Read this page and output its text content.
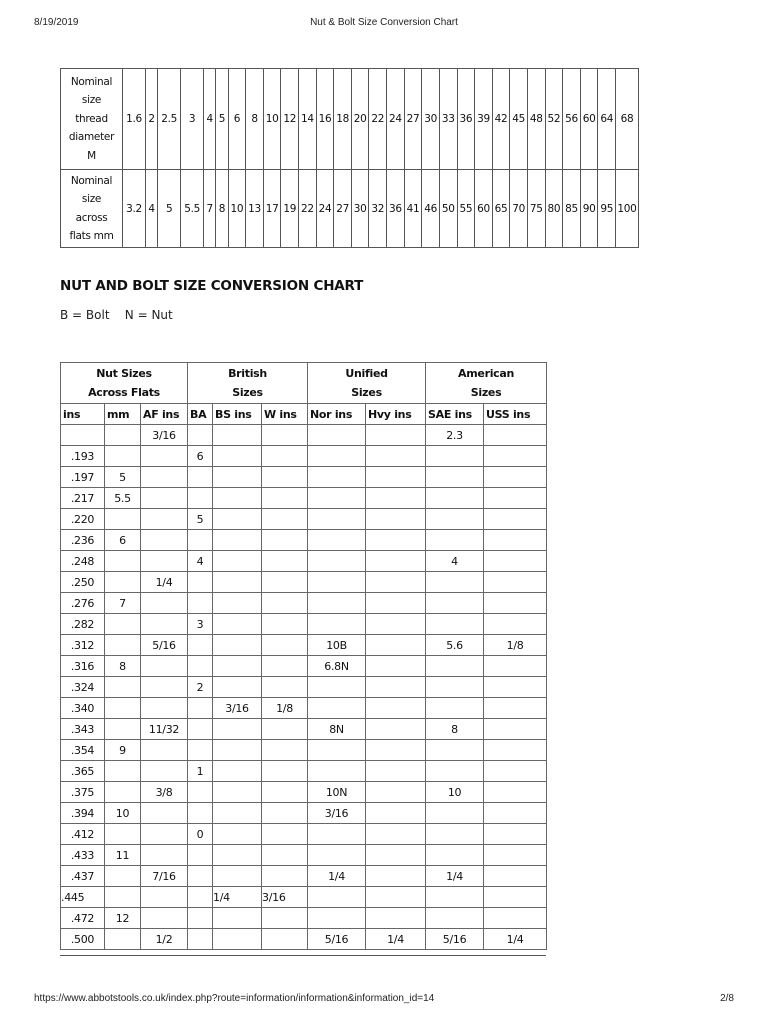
8/19/2019	Nut & Bolt Size Conversion Chart
Nominal
size
thread
diameter
M	1.6	2	2.5	3	4	5	6	8	10	12	14	16	18	20	22	24	27	30	33	36	39	42	45	48	52	56	60	64	68
Nominal
size
across
flats mm	3.2	4	5	5.5	7	8	10	13	17	19	22	24	27	30	32	36	41	46	50	55	60	65	70	75	80	85	90	95	100
NUT AND BOLT SIZE CONVERSION CHART
B = Bolt    N = Nut
Nut Sizes
Across Flats			British
Sizes			Unified
Sizes		American
Sizes	
ins	mm	AF ins	BA	BS ins	W ins	Nor ins	Hvy ins	SAE ins	USS ins
		3/16						2.3	
.193			6						
.197	5								
.217	5.5								
.220			5						
.236	6								
.248			4					4	
.250		1/4							
.276	7								
.282			3						
.312		5/16				10B		5.6	1/8
.316	8					6.8N			
.324			2						
.340				3/16	1/8				
.343		11/32				8N		8	
.354	9								
.365			1						
.375		3/8				10N		10	
.394	10					3/16			
.412			0						
.433	11								
.437		7/16				1/4		1/4	
.445				1/4	3/16				
.472	12								
.500		1/2				5/16	1/4	5/16	1/4
https://www.abbotstools.co.uk/index.php?route=information/information&information_id=14	2/8
